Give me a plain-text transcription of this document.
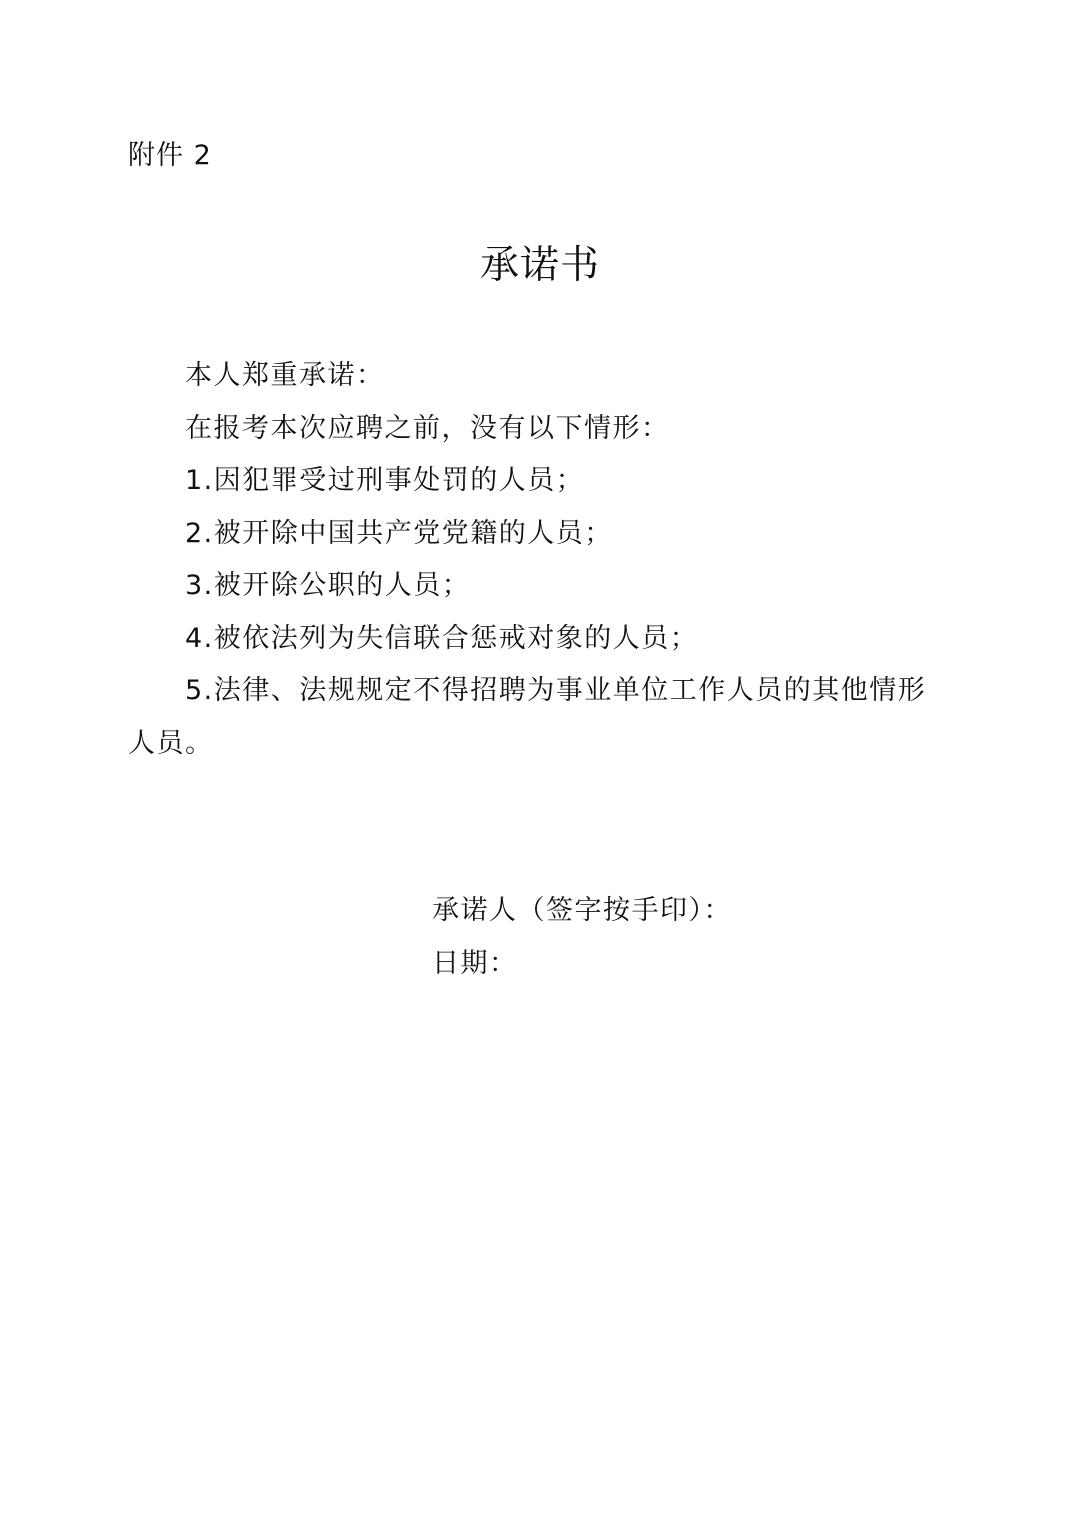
附件 2
承诺书

本人郑重承诺：

在报考本次应聘之前，没有以下情形：

1.因犯罪受过刑事处罚的人员；

2.被开除中国共产党党籍的人员；

3.被开除公职的人员；

4.被依法列为失信联合惩戒对象的人员；

5.法律、法规规定不得招聘为事业单位工作人员的其他情形人员。

承诺人（签字按手印）：

日期：
